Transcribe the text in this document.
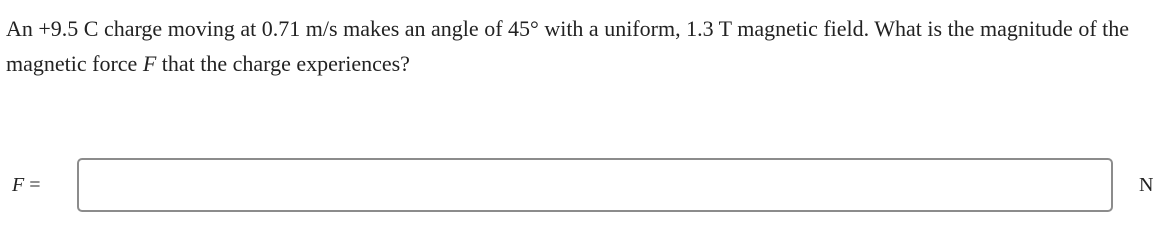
An +9.5 C charge moving at 0.71 m/s makes an angle of 45° with a uniform, 1.3 T magnetic field. What is the magnitude of the magnetic force F that the charge experiences?
F =	N
